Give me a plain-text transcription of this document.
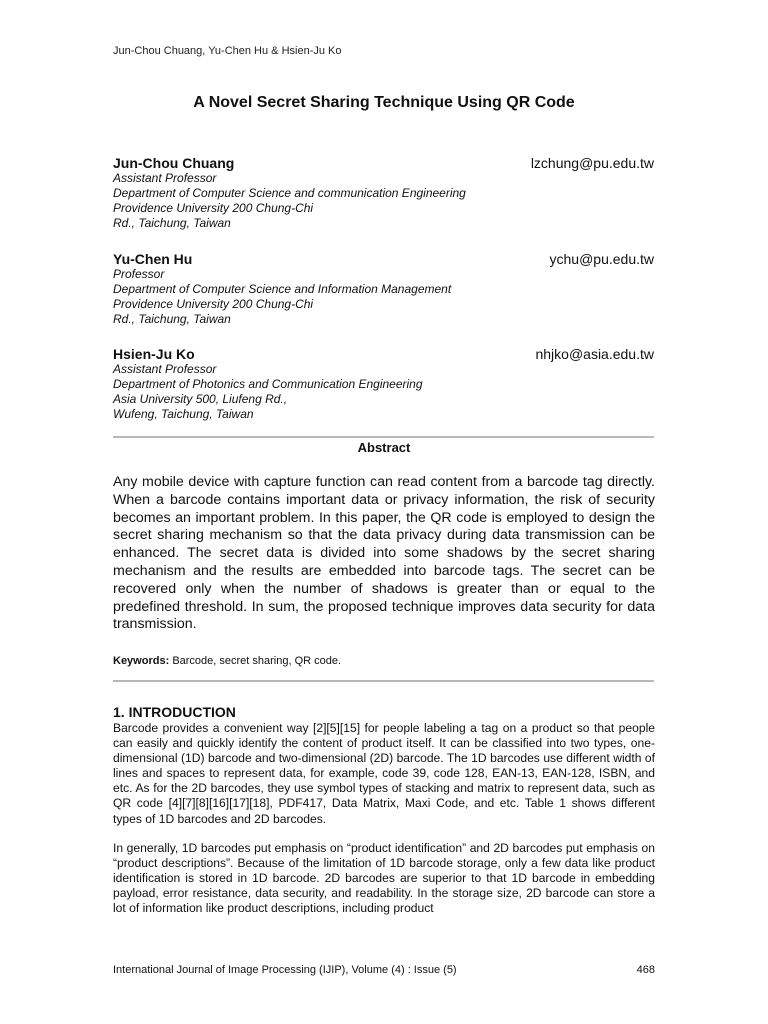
Jun-Chou Chuang, Yu-Chen Hu & Hsien-Ju Ko
A Novel Secret Sharing Technique Using QR Code
Jun-Chou Chuang	lzchung@pu.edu.tw
Assistant Professor
Department of Computer Science and communication Engineering
Providence University 200 Chung-Chi
Rd., Taichung, Taiwan
Yu-Chen Hu	ychu@pu.edu.tw
Professor
Department of Computer Science and Information Management
Providence University 200 Chung-Chi
Rd., Taichung, Taiwan
Hsien-Ju Ko	nhjko@asia.edu.tw
Assistant Professor
Department of Photonics and Communication Engineering
Asia University 500, Liufeng Rd.,
Wufeng, Taichung, Taiwan
Abstract
Any mobile device with capture function can read content from a barcode tag directly. When a barcode contains important data or privacy information, the risk of security becomes an important problem. In this paper, the QR code is employed to design the secret sharing mechanism so that the data privacy during data transmission can be enhanced. The secret data is divided into some shadows by the secret sharing mechanism and the results are embedded into barcode tags. The secret can be recovered only when the number of shadows is greater than or equal to the predefined threshold. In sum, the proposed technique improves data security for data transmission.
Keywords: Barcode, secret sharing, QR code.
1. INTRODUCTION
Barcode provides a convenient way [2][5][15] for people labeling a tag on a product so that people can easily and quickly identify the content of product itself. It can be classified into two types, one-dimensional (1D) barcode and two-dimensional (2D) barcode. The 1D barcodes use different width of lines and spaces to represent data, for example, code 39, code 128, EAN-13, EAN-128, ISBN, and etc. As for the 2D barcodes, they use symbol types of stacking and matrix to represent data, such as QR code [4][7][8][16][17][18], PDF417, Data Matrix, Maxi Code, and etc. Table 1 shows different types of 1D barcodes and 2D barcodes.
In generally, 1D barcodes put emphasis on “product identification” and 2D barcodes put emphasis on “product descriptions”. Because of the limitation of 1D barcode storage, only a few data like product identification is stored in 1D barcode. 2D barcodes are superior to that 1D barcode in embedding payload, error resistance, data security, and readability. In the storage size, 2D barcode can store a lot of information like product descriptions, including product
International Journal of Image Processing (IJIP), Volume (4) : Issue (5)	468
